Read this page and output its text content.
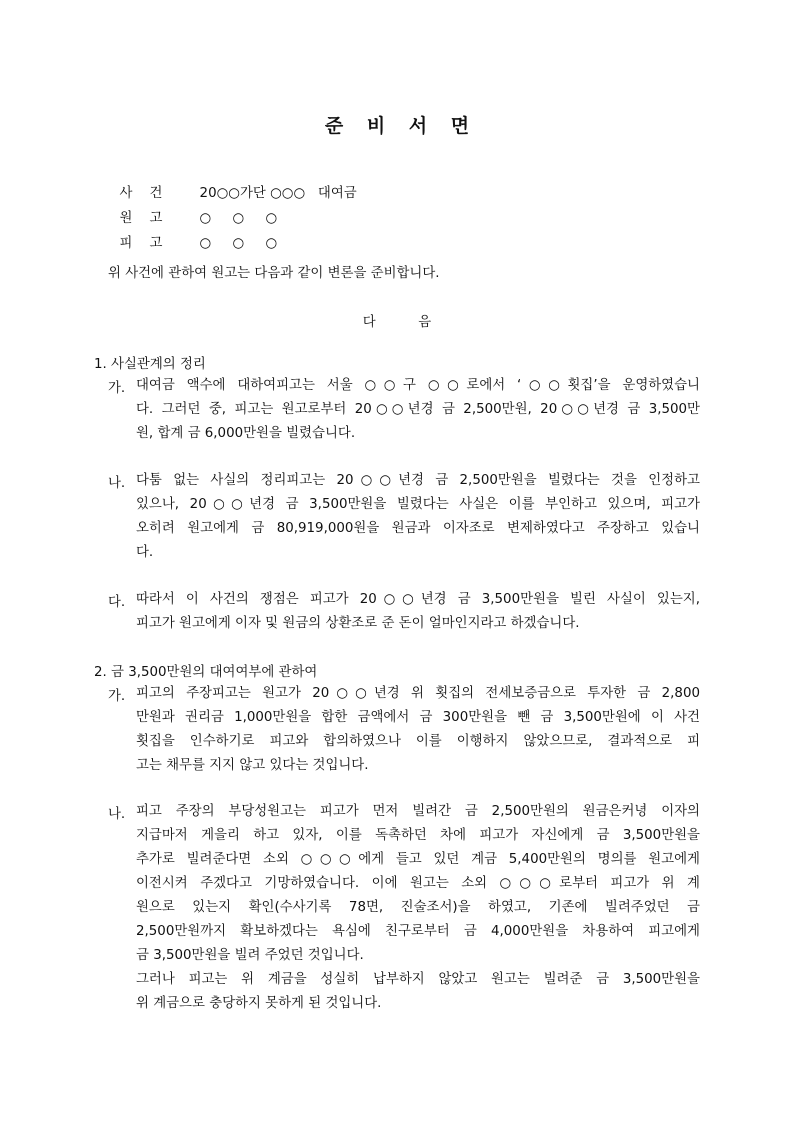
준 비 서 면

사    건	20○○가단 ○○○   대여금

원    고	○     ○     ○

피    고	○     ○     ○

위 사건에 관하여 원고는 다음과 같이 변론을 준비합니다.
다          음
1. 사실관계의 정리
가. 대여금 액수에 대하여피고는 서울 ○○구 ○○로에서 ‘○○횟집’을 운영하였습니
다. 그러던 중, 피고는 원고로부터 20○○년경 금 2,500만원, 20○○년경 금 3,500만
원, 합계 금 6,000만원을 빌렸습니다.
나. 다툼 없는 사실의 정리피고는 20○○년경 금 2,500만원을 빌렸다는 것을 인정하고
있으나, 20○○년경 금 3,500만원을 빌렸다는 사실은 이를 부인하고 있으며, 피고가
오히려 원고에게 금 80,919,000원을 원금과 이자조로 변제하였다고 주장하고 있습니
다.
다. 따라서 이 사건의 쟁점은 피고가 20○○년경 금 3,500만원을 빌린 사실이 있는지,
피고가 원고에게 이자 및 원금의 상환조로 준 돈이 얼마인지라고 하겠습니다.
2. 금 3,500만원의 대여여부에 관하여
가. 피고의 주장피고는 원고가 20○○년경 위 횟집의 전세보증금으로 투자한 금 2,800
만원과 권리금 1,000만원을 합한 금액에서 금 300만원을 뺀 금 3,500만원에 이 사건
횟집을 인수하기로 피고와 합의하였으나 이를 이행하지 않았으므로, 결과적으로 피
고는 채무를 지지 않고 있다는 것입니다.
나. 피고 주장의 부당성원고는 피고가 먼저 빌려간 금 2,500만원의 원금은커녕 이자의
지급마저 게을리 하고 있자, 이를 독촉하던 차에 피고가 자신에게 금 3,500만원을
추가로 빌려준다면 소외 ○○○에게 들고 있던 계금 5,400만원의 명의를 원고에게
이전시켜 주겠다고 기망하였습니다. 이에 원고는 소외 ○○○로부터 피고가 위 계
원으로 있는지 확인(수사기록 78면, 진술조서)을 하였고, 기존에 빌려주었던 금
2,500만원까지 확보하겠다는 욕심에 친구로부터 금 4,000만원을 차용하여 피고에게
금 3,500만원을 빌려 주었던 것입니다.
그러나 피고는 위 계금을 성실히 납부하지 않았고 원고는 빌려준 금 3,500만원을
위 계금으로 충당하지 못하게 된 것입니다.
